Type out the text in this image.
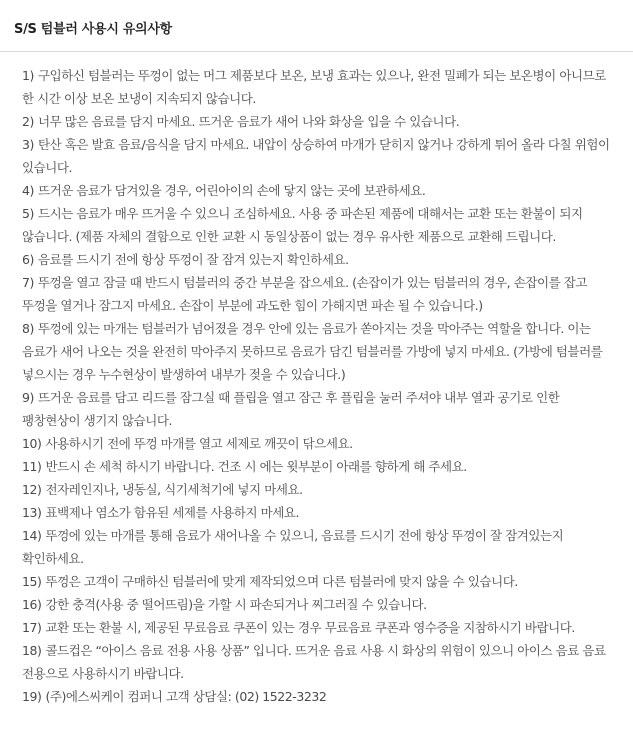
S/S 텀블러 사용시 유의사항
1) 구입하신 텀블러는 뚜껑이 없는 머그 제품보다 보온, 보냉 효과는 있으나, 완전 밀폐가 되는 보온병이 아니므로 한 시간 이상 보온 보냉이 지속되지 않습니다.
2) 너무 많은 음료를 담지 마세요. 뜨거운 음료가 새어 나와 화상을 입을 수 있습니다.
3) 탄산 혹은 발효 음료/음식을 담지 마세요. 내압이 상승하여 마개가 닫히지 않거나 강하게 튀어 올라 다칠 위험이 있습니다.
4) 뜨거운 음료가 담겨있을 경우, 어린아이의 손에 닿지 않는 곳에 보관하세요.
5) 드시는 음료가 매우 뜨거울 수 있으니 조심하세요. 사용 중 파손된 제품에 대해서는 교환 또는 환불이 되지 않습니다. (제품 자체의 결함으로 인한 교환 시 동일상품이 없는 경우 유사한 제품으로 교환해 드립니다.
6) 음료를 드시기 전에 항상 뚜껑이 잘 잠겨 있는지 확인하세요.
7) 뚜껑을 열고 잠글 때 반드시 텀블러의 중간 부분을 잡으세요. (손잡이가 있는 텀블러의 경우, 손잡이를 잡고 뚜껑을 열거나 잠그지 마세요. 손잡이 부분에 과도한 힘이 가해지면 파손 될 수 있습니다.)
8) 뚜껑에 있는 마개는 텀블러가 넘어졌을 경우 안에 있는 음료가 쏟아지는 것을 막아주는 역할을 합니다. 이는 음료가 새어 나오는 것을 완전히 막아주지 못하므로 음료가 담긴 텀블러를 가방에 넣지 마세요. (가방에 텀블러를 넣으시는 경우 누수현상이 발생하여 내부가 젖을 수 있습니다.)
9) 뜨거운 음료를 담고 리드를 잠그실 때 플립을 열고 잠근 후 플립을 눌러 주셔야 내부 열과 공기로 인한 팽창현상이 생기지 않습니다.
10) 사용하시기 전에 뚜껑 마개를 열고 세제로 깨끗이 닦으세요.
11) 반드시 손 세척 하시기 바랍니다. 건조 시 에는 윗부분이 아래를 향하게 해 주세요.
12) 전자레인지나, 냉동실, 식기세척기에 넣지 마세요.
13) 표백제나 염소가 함유된 세제를 사용하지 마세요.
14) 뚜껑에 있는 마개를 통해 음료가 새어나올 수 있으니, 음료를 드시기 전에 항상 뚜껑이 잘 잠겨있는지 확인하세요.
15) 뚜껑은 고객이 구매하신 텀블러에 맞게 제작되었으며 다른 텀블러에 맞지 않을 수 있습니다.
16) 강한 충격(사용 중 떨어뜨림)을 가할 시 파손되거나 찌그러질 수 있습니다.
17) 교환 또는 환불 시, 제공된 무료음료 쿠폰이 있는 경우 무료음료 쿠폰과 영수증을 지참하시기 바랍니다.
18) 콜드컵은 “아이스 음료 전용 사용 상품” 입니다. 뜨거운 음료 사용 시 화상의 위험이 있으니 아이스 음료 음료 전용으로 사용하시기 바랍니다.
19) (주)에스씨케이 컴퍼니 고객 상담실: (02) 1522-3232
